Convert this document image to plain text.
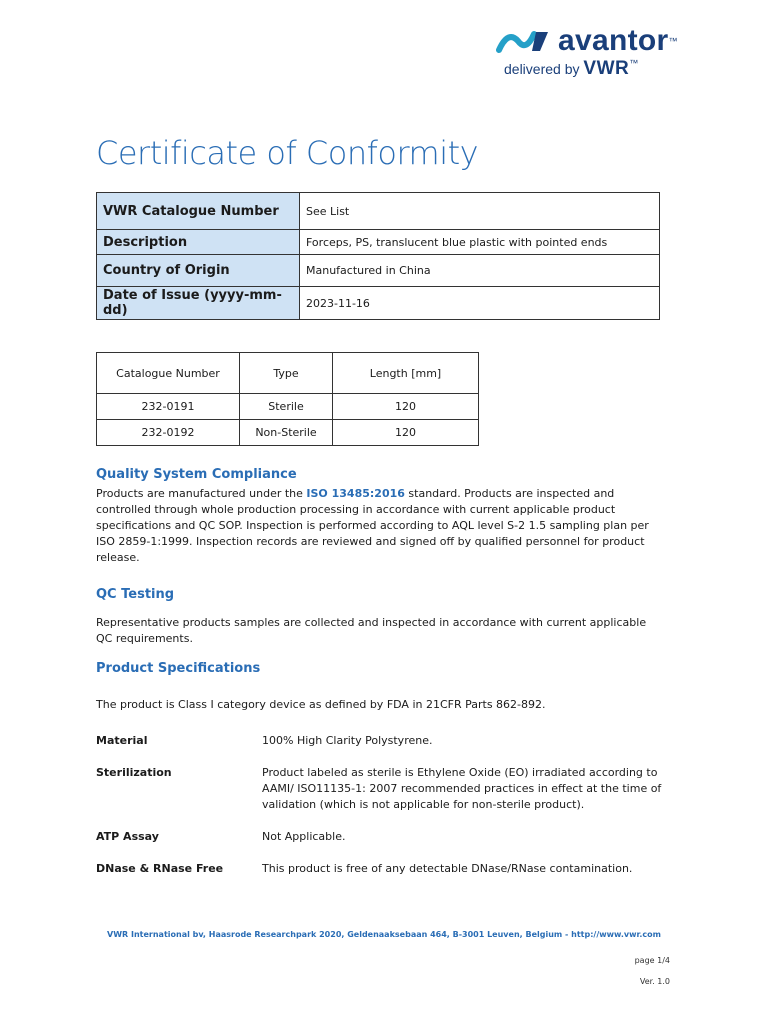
avantor™
delivered by VWR™
Certificate of Conformity
VWR Catalogue Number	See List
Description	Forceps, PS, translucent blue plastic with pointed ends
Country of Origin	Manufactured in China
Date of Issue (yyyy-mm-dd)	2023-11-16
Catalogue Number	Type	Length [mm]
232-0191	Sterile	120
232-0192	Non-Sterile	120
Quality System Compliance

Products are manufactured under the ISO 13485:2016 standard. Products are inspected and controlled through whole production processing in accordance with current applicable product specifications and QC SOP. Inspection is performed according to AQL level S-2 1.5 sampling plan per ISO 2859-1:1999. Inspection records are reviewed and signed off by qualified personnel for product release.

QC Testing

Representative products samples are collected and inspected in accordance with current applicable QC requirements.

Product Specifications

The product is Class I category device as defined by FDA in 21CFR Parts 862-892.

Material	100% High Clarity Polystyrene.
Sterilization	Product labeled as sterile is Ethylene Oxide (EO) irradiated according to AAMI/ ISO11135-1: 2007 recommended practices in effect at the time of validation (which is not applicable for non-sterile product).
ATP Assay	Not Applicable.
DNase & RNase Free	This product is free of any detectable DNase/RNase contamination.
VWR International bv, Haasrode Researchpark 2020, Geldenaaksebaan 464, B-3001 Leuven, Belgium - http://www.vwr.com
page 1/4
Ver. 1.0
